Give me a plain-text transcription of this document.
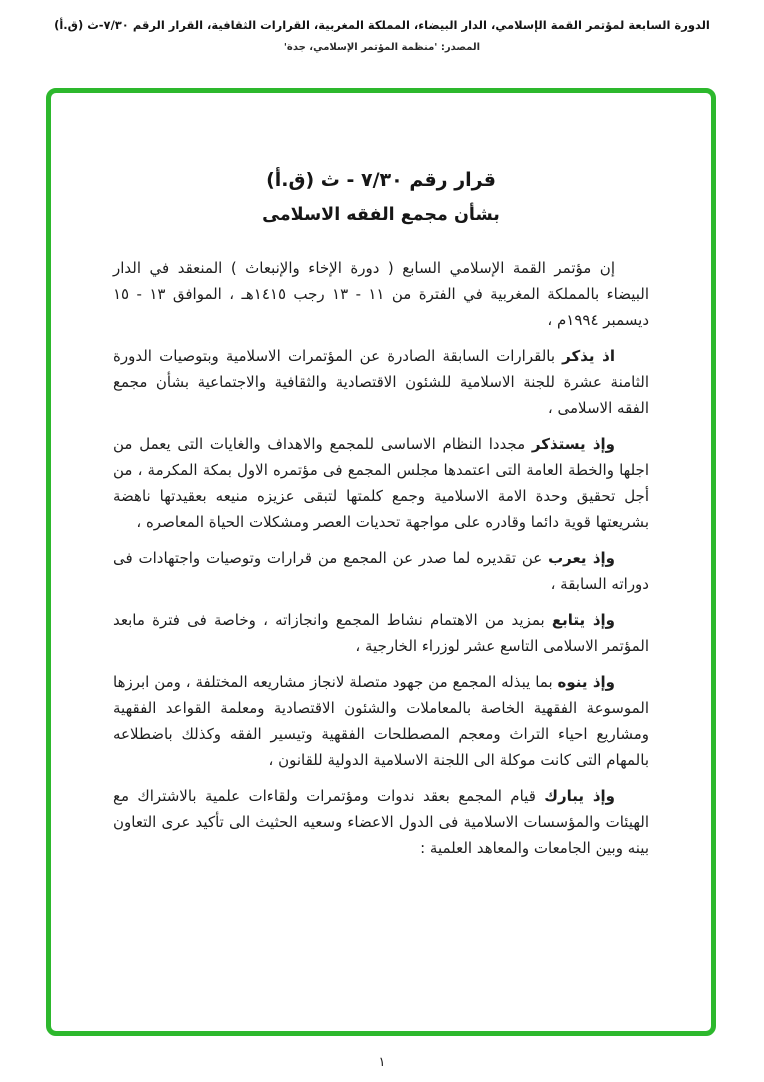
الدورة السابعة لمؤتمر القمة الإسلامي، الدار البيضاء، المملكة المغربية، القرارات الثقافية، القرار الرقم ٧/٣٠-ث (ق.أ)
المصدر: 'منظمة المؤتمر الإسلامي، جدة'
قرار رقم ٧/٣٠ - ث (ق.أ)
بشأن مجمع الفقه الاسلامى

إن مؤتمر القمة الإسلامي السابع ( دورة الإخاء والإنبعاث ) المنعقد في الدار البيضاء بالمملكة المغربية في الفترة من ١١ - ١٣ رجب ١٤١٥هـ ، الموافق ١٣ - ١٥ ديسمبر ١٩٩٤م ،

اذ يذكر بالقرارات السابقة الصادرة عن المؤتمرات الاسلامية وبتوصيات الدورة الثامنة عشرة للجنة الاسلامية للشئون الاقتصادية والثقافية والاجتماعية بشأن مجمع الفقه الاسلامى ،

وإذ يستذكر مجددا النظام الاساسى للمجمع والاهداف والغايات التى يعمل من اجلها والخطة العامة التى اعتمدها مجلس المجمع فى مؤتمره الاول بمكة المكرمة ، من أجل تحقيق وحدة الامة الاسلامية وجمع كلمتها لتبقى عزيزه منيعه بعقيدتها ناهضة بشريعتها قوية دائما وقادره على مواجهة تحديات العصر ومشكلات الحياة المعاصره ،

وإذ يعرب عن تقديره لما صدر عن المجمع من قرارات وتوصيات واجتهادات فى دوراته السابقة ،

وإذ يتابع بمزيد من الاهتمام نشاط المجمع وانجازاته ، وخاصة فى فترة مابعد المؤتمر الاسلامى التاسع عشر لوزراء الخارجية ،

وإذ ينوه بما يبذله المجمع من جهود متصلة لانجاز مشاريعه المختلفة ، ومن ابرزها الموسوعة الفقهية الخاصة بالمعاملات والشئون الاقتصادية ومعلمة القواعد الفقهية ومشاريع احياء التراث ومعجم المصطلحات الفقهية وتيسير الفقه وكذلك باضطلاعه بالمهام التى كانت موكلة الى اللجنة الاسلامية الدولية للقانون ،

وإذ يبارك قيام المجمع بعقد ندوات ومؤتمرات ولقاءات علمية بالاشتراك مع الهيئات والمؤسسات الاسلامية فى الدول الاعضاء وسعيه الحثيث الى تأكيد عرى التعاون بينه وبين الجامعات والمعاهد العلمية :

١
